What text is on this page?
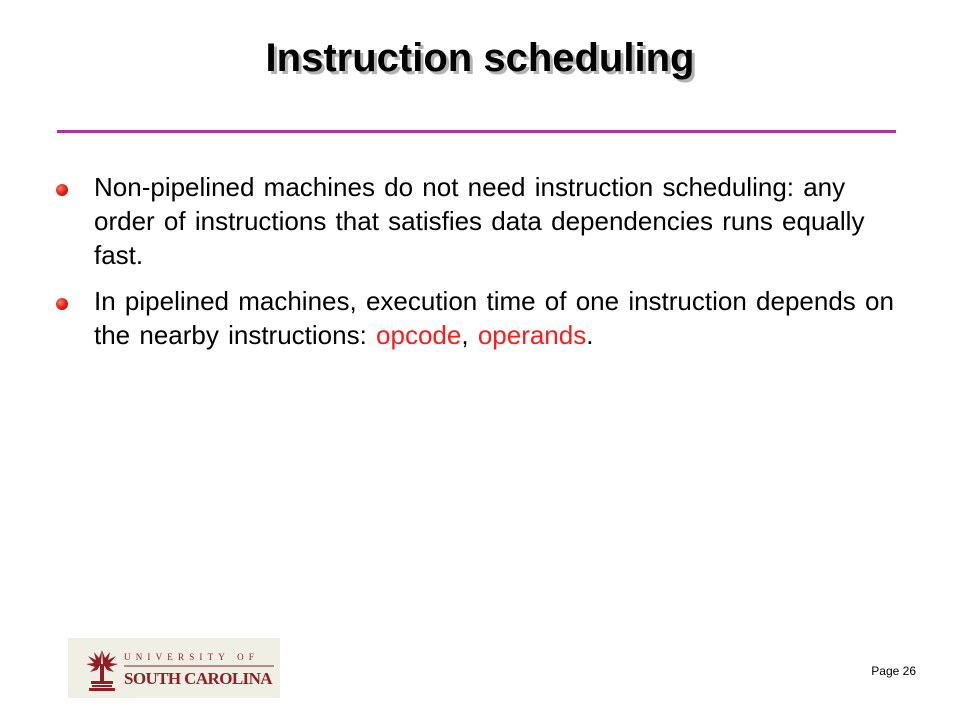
Instruction scheduling
Non-pipelined machines do not need instruction scheduling: any order of instructions that satisfies data dependencies runs equally fast.
In pipelined machines, execution time of one instruction depends on the nearby instructions: opcode, operands.
UNIVERSITY OF
SOUTH CAROLINA	Page 26
